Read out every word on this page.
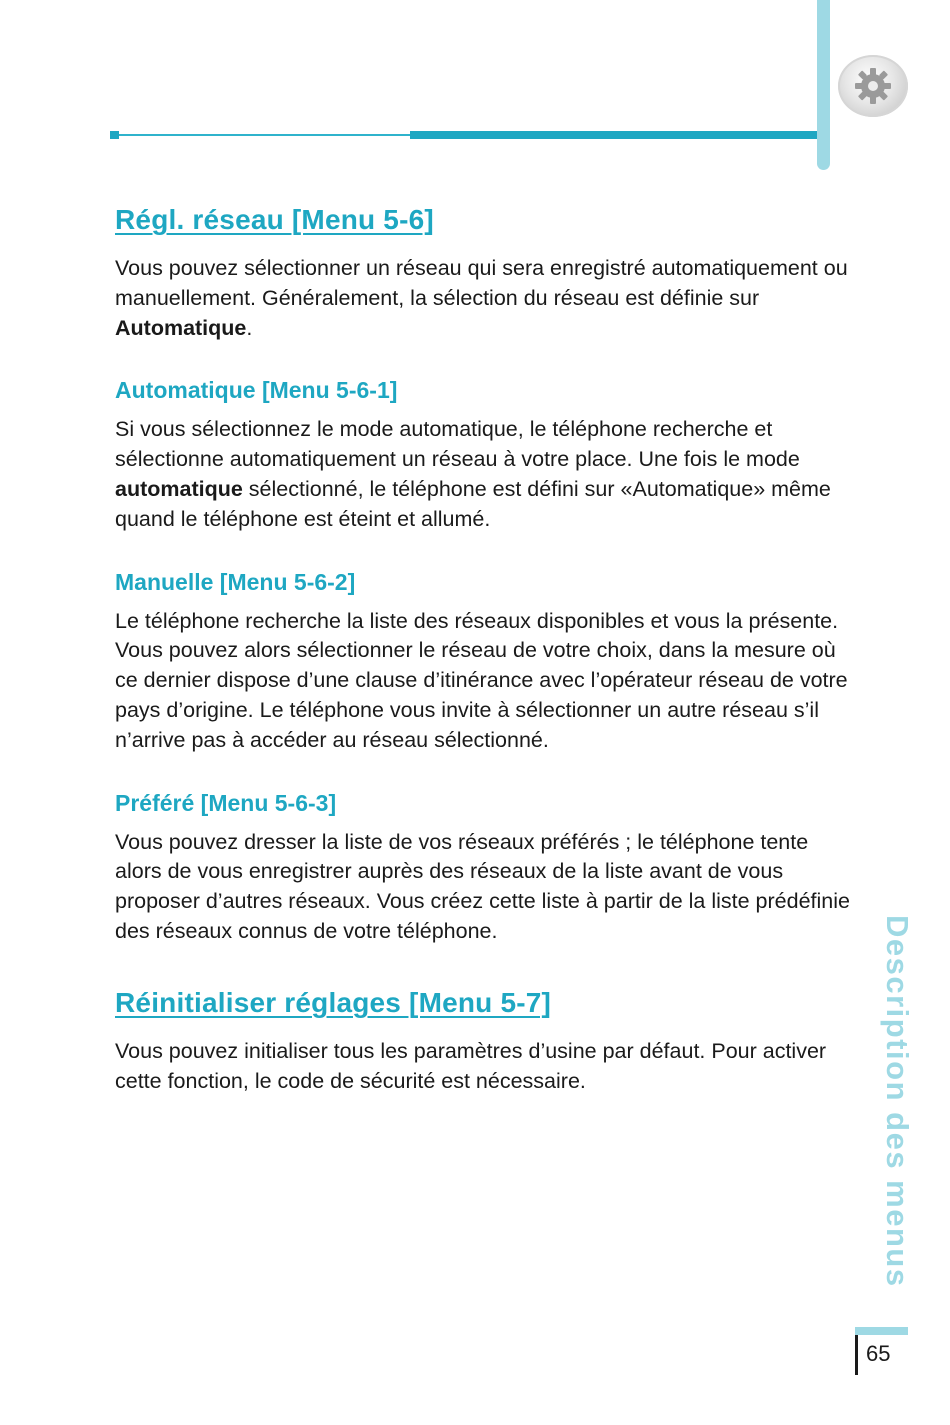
Régl. réseau [Menu 5-6]

Vous pouvez sélectionner un réseau qui sera enregistré automatiquement ou manuellement. Généralement, la sélection du réseau est définie sur Automatique.

Automatique [Menu 5-6-1]

Si vous sélectionnez le mode automatique, le téléphone recherche et sélectionne automatiquement un réseau à votre place. Une fois le mode automatique sélectionné, le téléphone est défini sur «Automatique» même quand le téléphone est éteint et allumé.

Manuelle [Menu 5-6-2]

Le téléphone recherche la liste des réseaux disponibles et vous la présente. Vous pouvez alors sélectionner le réseau de votre choix, dans la mesure où ce dernier dispose d’une clause d’itinérance avec l’opérateur réseau de votre pays d’origine. Le téléphone vous invite à sélectionner un autre réseau s’il n’arrive pas à accéder au réseau sélectionné.

Préféré [Menu 5-6-3]

Vous pouvez dresser la liste de vos réseaux préférés ; le téléphone tente alors de vous enregistrer auprès des réseaux de la liste avant de vous proposer d’autres réseaux. Vous créez cette liste à partir de la liste prédéfinie des réseaux connus de votre téléphone.

Réinitialiser réglages [Menu 5-7]

Vous pouvez initialiser tous les paramètres d’usine par défaut. Pour activer cette fonction, le code de sécurité est nécessaire.	Description des menus
65
